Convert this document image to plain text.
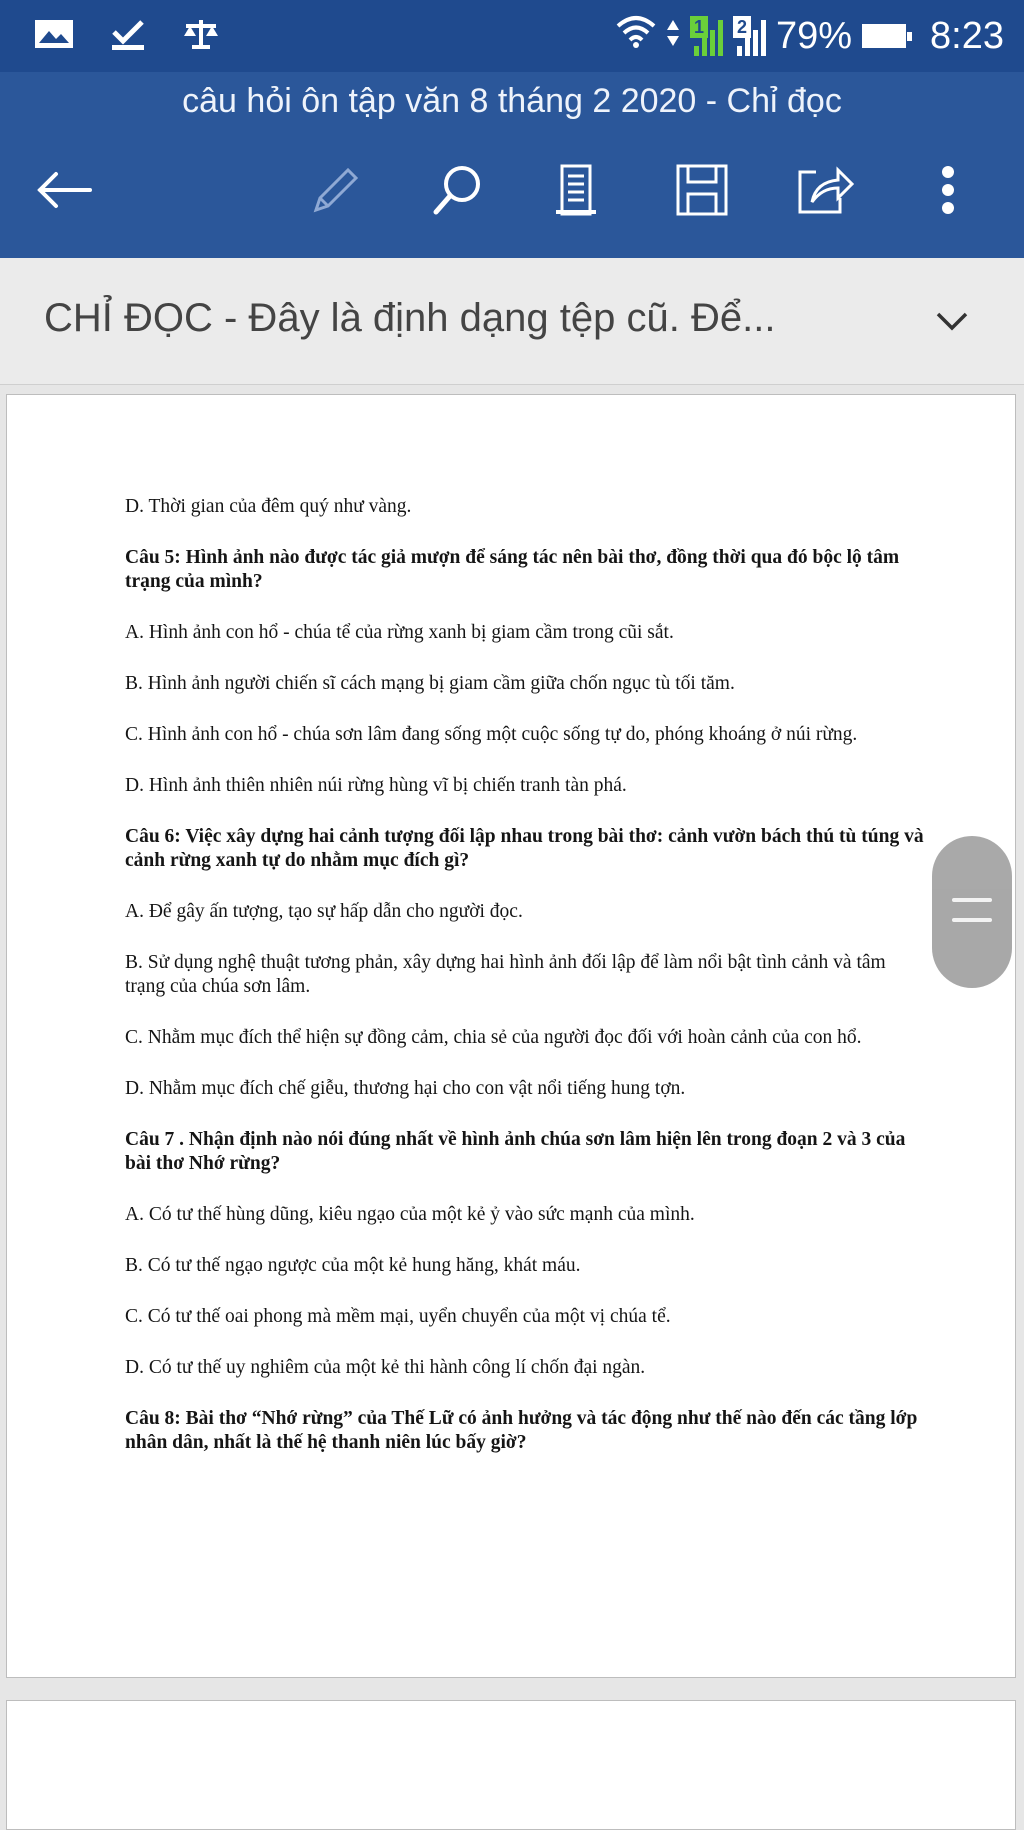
1 2 79% 8:23
câu hỏi ôn tập văn 8 tháng 2 2020 - Chỉ đọc
CHỈ ĐỌC - Đây là định dạng tệp cũ. Để...

D. Thời gian của đêm quý như vàng.

Câu 5: Hình ảnh nào được tác giả mượn để sáng tác nên bài thơ, đồng thời qua đó bộc lộ tâm trạng của mình?

A. Hình ảnh con hổ - chúa tể của rừng xanh bị giam cầm trong cũi sắt.

B. Hình ảnh người chiến sĩ cách mạng bị giam cầm giữa chốn ngục tù tối tăm.

C. Hình ảnh con hổ - chúa sơn lâm đang sống một cuộc sống tự do, phóng khoáng ở núi rừng.

D. Hình ảnh thiên nhiên núi rừng hùng vĩ bị chiến tranh tàn phá.

Câu 6: Việc xây dựng hai cảnh tượng đối lập nhau trong bài thơ: cảnh vườn bách thú tù túng và cảnh rừng xanh tự do nhằm mục đích gì?

A. Để gây ấn tượng, tạo sự hấp dẫn cho người đọc.

B. Sử dụng nghệ thuật tương phản, xây dựng hai hình ảnh đối lập để làm nổi bật tình cảnh và tâm trạng của chúa sơn lâm.

C. Nhằm mục đích thể hiện sự đồng cảm, chia sẻ của người đọc đối với hoàn cảnh của con hổ.

D. Nhằm mục đích chế giễu, thương hại cho con vật nổi tiếng hung tợn.

Câu 7 . Nhận định nào nói đúng nhất về hình ảnh chúa sơn lâm hiện lên trong đoạn 2 và 3 của bài thơ Nhớ rừng?

A. Có tư thế hùng dũng, kiêu ngạo của một kẻ ỷ vào sức mạnh của mình.

B. Có tư thế ngạo ngược của một kẻ hung hăng, khát máu.

C. Có tư thế oai phong mà mềm mại, uyển chuyển của một vị chúa tể.

D. Có tư thế uy nghiêm của một kẻ thi hành công lí chốn đại ngàn.

Câu 8: Bài thơ “Nhớ rừng” của Thế Lữ có ảnh hưởng và tác động như thế nào đến các tầng lớp nhân dân, nhất là thế hệ thanh niên lúc bấy giờ?
